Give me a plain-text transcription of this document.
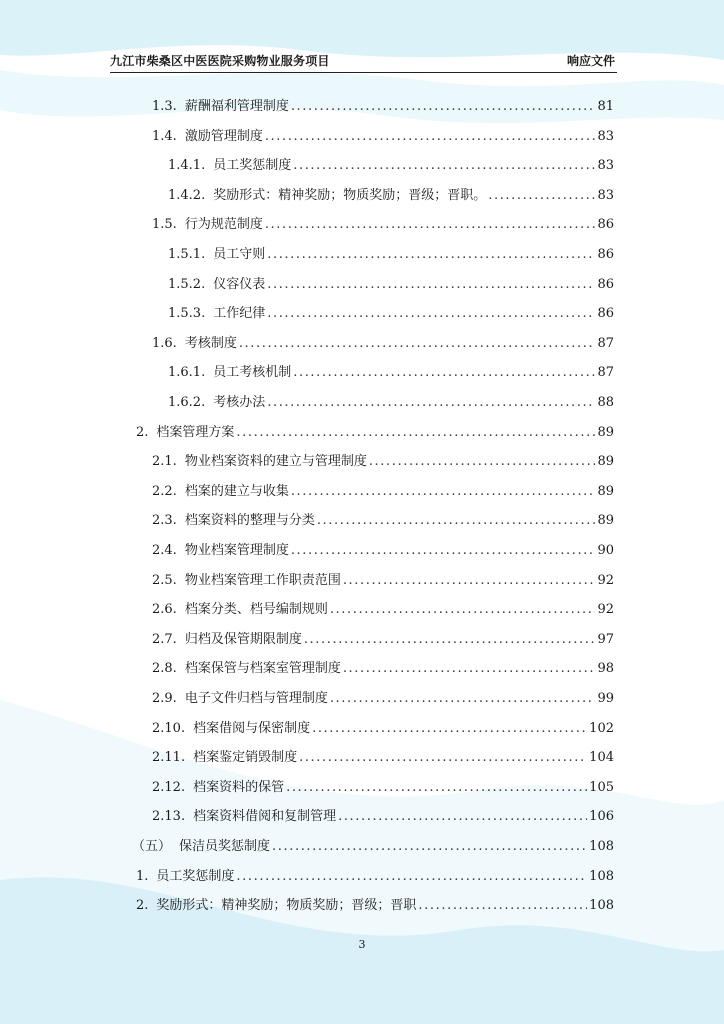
九江市柴桑区中医医院采购物业服务项目	响应文件
1.3. 薪酬福利管理制度 .....	81
1.4. 激励管理制度 .....	83
1.4.1. 员工奖惩制度 .....	83
1.4.2. 奖励形式：精神奖励；物质奖励；晋级；晋职。 .....	83
1.5. 行为规范制度 .....	86
1.5.1. 员工守则 .....	86
1.5.2. 仪容仪表 .....	86
1.5.3. 工作纪律 .....	86
1.6. 考核制度 .....	87
1.6.1. 员工考核机制 .....	87
1.6.2. 考核办法 .....	88
2. 档案管理方案 .....	89
2.1. 物业档案资料的建立与管理制度 .....	89
2.2. 档案的建立与收集 .....	89
2.3. 档案资料的整理与分类 .....	89
2.4. 物业档案管理制度 .....	90
2.5. 物业档案管理工作职责范围 .....	92
2.6. 档案分类、档号编制规则 .....	92
2.7. 归档及保管期限制度 .....	97
2.8. 档案保管与档案室管理制度 .....	98
2.9. 电子文件归档与管理制度 .....	99
2.10. 档案借阅与保密制度 .....	102
2.11. 档案鉴定销毁制度 .....	104
2.12. 档案资料的保管 .....	105
2.13. 档案资料借阅和复制管理 .....	106
（五） 保洁员奖惩制度 .....	108
1. 员工奖惩制度 .....	108
2. 奖励形式：精神奖励；物质奖励；晋级；晋职 .....	108
3
